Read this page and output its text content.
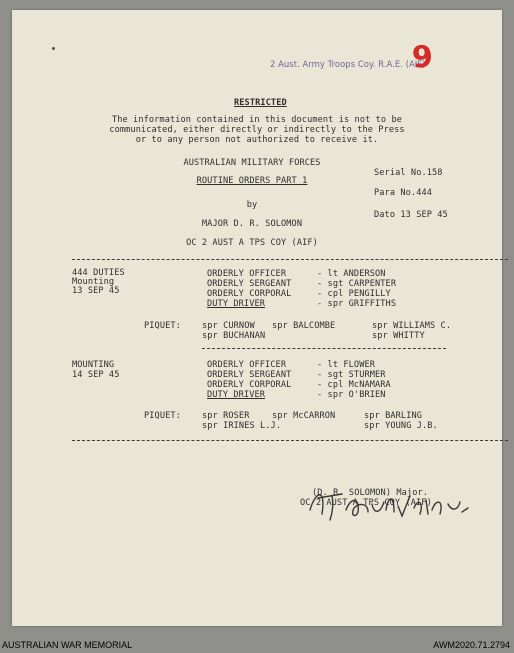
2 Aust. Army Troops Coy. R.A.E. (AIF)
9
RESTRICTED
The information contained in this document is not to be
communicated, either directly or indirectly to the Press
or to any person not authorized to receive it.
AUSTRALIAN MILITARY FORCES
Serial No.158
ROUTINE ORDERS PART 1
Para No.444
by
Dato 13 SEP 45
MAJOR D. R. SOLOMON
OC 2 AUST A TPS COY (AIF)
444 DUTIES
Mounting
13 SEP 45
ORDERLY OFFICER	- lt ANDERSON
ORDERLY SERGEANT	- sgt CARPENTER
ORDERLY CORPORAL	- cpl PENGILLY
DUTY DRIVER	- spr GRIFFITHS
PIQUET: spr CURNOW spr BALCOMBE	spr WILLIAMS C.
spr BUCHANAN	spr WHITTY
MOUNTING
14 SEP 45
ORDERLY OFFICER	- lt FLOWER
ORDERLY SERGEANT	- sgt STURMER
ORDERLY CORPORAL	- cpl McNAMARA
DUTY DRIVER	- spr O'BRIEN
PIQUET: spr ROSER	spr McCARRON	spr BARLING
spr IRINES L.J.	spr YOUNG J.B.
(D. R. SOLOMON) Major.
OC 2 AUST A TPS COY (AIF).
AUSTRALIAN WAR MEMORIAL	AWM2020.71.2794
